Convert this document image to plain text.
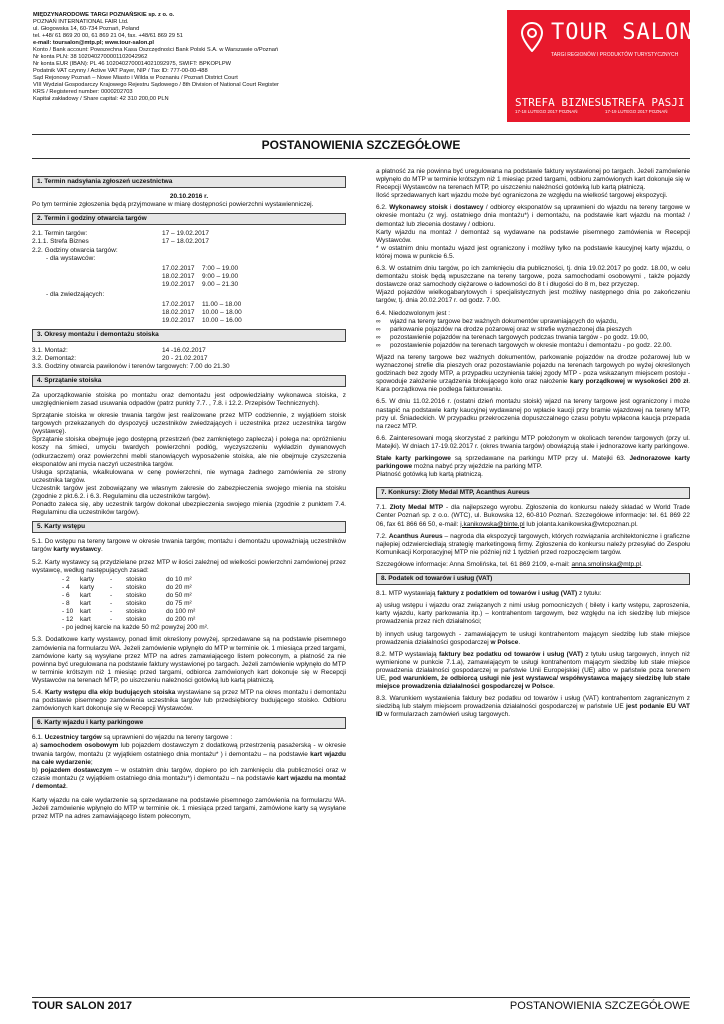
MIĘDZYNARODOWE TARGI POZNAŃSKIE sp. z o. o.
POZNAŃ INTERNATIONAL FAIR Ltd.
ul. Głogowska 14, 60-734 Poznań, Poland
tel. +48/ 61 869 20 00, 61 869 21 04, fax. +48/61 869 29 51
e-mail: toursalon@mtp.pl; www.tour-salon.pl
Konto / Bank account: Powszechna Kasa Oszczędności Bank Polski S.A. w Warszawie o/Poznań
Nr konta PLN: 38 1020402700001102042962
Nr konta EUR (IBAN): PL 46 1020402700014021092975, SWIFT: BPKOPLPW
Podatnik VAT czynny / Active VAT Payer, NIP / Tax ID: 777-00-00-488
Sąd Rejonowy Poznań – Nowe Miasto i Wilda w Poznaniu / Poznań District Court
VIII Wydział Gospodarczy Krajowego Rejestru Sądowego / 8th Division of National Court Register
KRS / Registered number: 0000202703
Kapitał zakładowy / Share capital: 42 310 200,00 PLN
TOUR SALON
TARGI REGIONÓW I PRODUKTÓW TURYSTYCZNYCH
STREFA BIZNESU
17-18 LUTEGO 2017 POZNAŃ
STREFA PASJI
17-19 LUTEGO 2017 POZNAŃ
POSTANOWIENIA SZCZEGÓŁOWE
1. Termin nadsyłania zgłoszeń uczestnictwa
20.10.2016 r.

Po tym terminie zgłoszenia będą przyjmowane w miarę dostępności powierzchni wystawienniczej.

2. Termin i godziny otwarcia targów
2.1. Termin targów:	17 – 19.02.2017
2.1.1. Strefa Biznes	17 – 18.02.2017
2.2. Godziny otwarcia targów:
- dla wystawców:
17.02.2017	7:00 – 19.00
18.02.2017	9:00 – 19.00
19.02.2017	9.00 – 21.30
- dla zwiedzających:
17.02.2017	11.00 – 18.00
18.02.2017	10.00 – 18.00
19.02.2017	10.00 – 16.00
3. Okresy montażu i demontażu stoiska
3.1. Montaż:	14 -16.02.2017
3.2. Demontaż:	20 - 21.02.2017
3.3. Godziny otwarcia pawilonów i terenów targowych: 7.00 do 21.30
4. Sprzątanie stoiska

Za uporządkowanie stoiska po montażu oraz demontażu jest odpowiedzialny wykonawca stoiska, z uwzględnieniem zasad usuwania odpadów (patrz punkty 7.7. , 7.8. i 12.2. Przepisów Technicznych).

Sprzątanie stoiska w okresie trwania targów jest realizowane przez MTP codziennie, z wyjątkiem stoisk targowych przekazanych do dyspozycji uczestników zwiedzających i uczestnika przez uczestnika targów (wystawcę).

Sprzątanie stoiska obejmuje jego dostępną przestrzeń (bez zamkniętego zaplecza) i polega na: opróżnieniu koszy na śmieci, umyciu twardych powierzchni podłóg, wyczyszczeniu wykładzin dywanowych (odkurzaczem) oraz powierzchni mebli stanowiących wyposażenie stoiska, ale nie obejmuje czyszczenia eksponatów ani mycia naczyń uczestnika targów.

Usługa sprzątania, wkalkulowana w cenę powierzchni, nie wymaga żadnego zamówienia ze strony uczestnika targów.

Uczestnik targów jest zobowiązany we własnym zakresie do zabezpieczenia swojego mienia na stoisku (zgodnie z pkt.6.2. i 6.3. Regulaminu dla uczestników targów).

Ponadto zaleca się, aby uczestnik targów dokonał ubezpieczenia swojego mienia (zgodnie z punktem 7.4. Regulaminu dla uczestników targów).

5. Karty wstępu

5.1. Do wstępu na tereny targowe w okresie trwania targów, montażu i demontażu upoważniają uczestników targów karty wystawcy.

5.2. Karty wystawcy są przydzielane przez MTP w ilości zależnej od wielkości powierzchni zamówionej przez wystawcę, według następujących zasad:

- 2	karty	-	stoisko	do 10 m²
- 4	karty	-	stoisko	do 20 m²
- 6	kart	-	stoisko	do 50 m²
- 8	kart	-	stoisko	do 75 m²
- 10	kart	-	stoisko	do 100 m²
- 12	kart	-	stoisko	do 200 m²
- po jednej karcie na każde 50 m2 powyżej 200 m².

5.3. Dodatkowe karty wystawcy, ponad limit określony powyżej, sprzedawane są na podstawie pisemnego zamówienia na formularzu WA. Jeżeli zamówienie wpłynęło do MTP w terminie ok. 1 miesiąca przed targami, zamówione karty są wysyłane przez MTP na adres zamawiającego listem poleconym, a płatność za nie powinna być uregulowana na podstawie faktury wystawionej po targach. Jeżeli zamówienie wpłynęło do MTP w terminie krótszym niż 1 miesiąc przed targami, odbiorca zamówionych kart dokonuje się w Recepcji Wystawców na terenach MTP, po uiszczeniu należności gotówką lub kartą płatniczą.

5.4. Karty wstępu dla ekip budujących stoiska wystawiane są przez MTP na okres montażu i demontażu na podstawie pisemnego zamówienia uczestnika targów lub przedsiębiorcy budującego stoisko. Odbioru zamówionych kart dokonuje się w Recepcji Wystawców.

6. Karty wjazdu i karty parkingowe

6.1. Uczestnicy targów są uprawnieni do wjazdu na tereny targowe :
a) samochodem osobowym lub pojazdem dostawczym z dodatkową przestrzenią pasażerską - w okresie trwania targów, montażu (z wyjątkiem ostatniego dnia montażu* ) i demontażu – na podstawie kart wjazdu na całe wydarzenie;
b) pojazdem dostawczym – w ostatnim dniu targów, dopiero po ich zamknięciu dla publiczności oraz w czasie montażu (z wyjątkiem ostatniego dnia montażu*) i demontażu – na podstawie kart wjazdu na montaż / demontaż.

Karty wjazdu na całe wydarzenie są sprzedawane na podstawie pisemnego zamówienia na formularzu WA. Jeżeli zamówienie wpłynęło do MTP w terminie ok. 1 miesiąca przed targami, zamówione karty są wysyłane przez MTP na adres zamawiającego listem poleconym,

a płatność za nie powinna być uregulowana na podstawie faktury wystawionej po targach. Jeżeli zamówienie wpłynęło do MTP w terminie krótszym niż 1 miesiąc przed targami, odbioru zamówionych kart dokonuje się w Recepcji Wystawców na terenach MTP, po uiszczeniu należności gotówką lub kartą płatniczą.

Ilość sprzedawanych kart wjazdu może być ograniczona ze względu na wielkość targowej ekspozycji.

6.2. Wykonawcy stoisk i dostawcy / odbiorcy eksponatów są uprawnieni do wjazdu na tereny targowe w okresie montażu (z wyj. ostatniego dnia montażu*) i demontażu, na podstawie kart wjazdu na montaż / demontaż lub zlecenia dostawy / odbioru.

Karty wjazdu na montaż / demontaż są wydawane na podstawie pisemnego zamówienia w Recepcji Wystawców.

* w ostatnim dniu montażu wjazd jest ograniczony i możliwy tylko na podstawie kaucyjnej karty wjazdu, o której mowa w punkcie 6.5.

6.3. W ostatnim dniu targów, po ich zamknięciu dla publiczności, tj. dnia 19.02.2017 po godz. 18.00, w celu demontażu stoisk będą wpuszczane na tereny targowe, poza samochodami osobowymi , także pojazdy dostawcze oraz samochody ciężarowe o ładowności do 8 t i długości do 8 m, bez przyczep.

Wjazd pojazdów wielkogabarytowych i specjalistycznych jest możliwy następnego dnia po zakończeniu targów, tj. dnia 20.02.2017 r. od godz. 7.00.

6.4. Niedozwolonym jest :
∞	wjazd na tereny targowe bez ważnych dokumentów uprawniających do wjazdu,
∞	parkowanie pojazdów na drodze pożarowej oraz w strefie wyznaczonej dla pieszych
∞	pozostawienie pojazdów na terenach targowych podczas trwania targów - po godz. 19.00,
∞	pozostawienie pojazdów na terenach targowych w okresie montażu i demontażu - po godz. 22.00.

Wjazd na tereny targowe bez ważnych dokumentów, parkowanie pojazdów na drodze pożarowej lub w wyznaczonej strefie dla pieszych oraz pozostawianie pojazdu na terenach targowych po wyżej określonych godzinach bez zgody MTP, a przypadku uczynienia takiej zgody MTP - poza wskazanym miejscem postoju - spowoduje założenie urządzenia blokującego koło oraz nałożenie kary porządkowej w wysokości 200 zł. Kara porządkowa nie podlega fakturowaniu.

6.5. W dniu 11.02.2016 r. (ostatni dzień montażu stoisk) wjazd na tereny targowe jest ograniczony i może nastąpić na podstawie karty kaucyjnej wydawanej po wpłacie kaucji przy bramie wjazdowej na tereny MTP, przy ul. Śniadeckich. W przypadku przekroczenia dopuszczalnego czasu pobytu wpłacona kaucja przepada na rzecz MTP.

6.6. Zainteresowani mogą skorzystać z parkingu MTP położonym w okolicach terenów targowych (przy ul. Matejki). W dniach 17-19.02.2017 r. (okres trwania targów) obowiązują stałe i jednorazowe karty parkingowe.

Stałe karty parkingowe są sprzedawane na parkingu MTP przy ul. Matejki 63. Jednorazowe karty parkingowe można nabyć przy wjeździe na parking MTP.

Płatność gotówką lub kartą płatniczą.

7. Konkursy: Złoty Medal MTP, Acanthus Aureus

7.1. Złoty Medal MTP - dla najlepszego wyrobu. Zgłoszenia do konkursu należy składać w World Trade Center Poznań sp. z o.o. (WTC), ul. Bukowska 12, 60-810 Poznań. Szczegółowe informacje: tel. 61 869 22 06, fax 61 866 66 50, e-mail: j.kanikowska@binte.pl lub jolanta.kanikowska@wtcpoznan.pl.

7.2. Acanthus Aureus – nagroda dla ekspozycji targowych, których rozwiązania architektoniczne i graficzne najlepiej odzwierciedlają strategię marketingową firmy. Zgłoszenia do konkursu należy przesyłać do Zespołu Komunikacji Korporacyjnej MTP nie później niż 1 tydzień przed rozpoczęciem targów.

Szczegółowe informacje: Anna Smolińska, tel. 61 869 2109, e-mail: anna.smolinska@mtp.pl.

8. Podatek od towarów i usług (VAT)

8.1. MTP wystawiają faktury z podatkiem od towarów i usług (VAT) z tytułu:

a) usług wstępu i wjazdu oraz związanych z nimi usług pomocniczych ( bilety i karty wstępu, zaproszenia, karty wjazdu, karty parkowania itp.) – kontrahentom targowym, bez względu na ich siedzibę lub miejsce prowadzenia przez nich działalności;

b) innych usług targowych - zamawiającym te usługi kontrahentom mającym siedzibę lub stałe miejsce prowadzenia działalności gospodarczej w Polsce.

8.2. MTP wystawiają faktury bez podatku od towarów i usług (VAT) z tytułu usług targowych, innych niż wymienione w punkcie 7.1.a), zamawiającym te usługi kontrahentom mającym siedzibę lub stałe miejsce prowadzenia działalności gospodarczej w państwie Unii Europejskiej (UE) albo w państwie poza terenem UE, pod warunkiem, że odbiorcą usługi nie jest wystawca/ współwystawca mający siedzibę lub stałe miejsce prowadzenia działalności gospodarczej w Polsce.

8.3. Warunkiem wystawienia faktury bez podatku od towarów i usług (VAT) kontrahentom zagranicznym z siedzibą lub stałym miejscem prowadzenia działalności gospodarczej w państwie UE jest podanie EU VAT ID w formularzach zamówień usług targowych.

TOUR SALON 2017	POSTANOWIENIA SZCZEGÓŁOWE
